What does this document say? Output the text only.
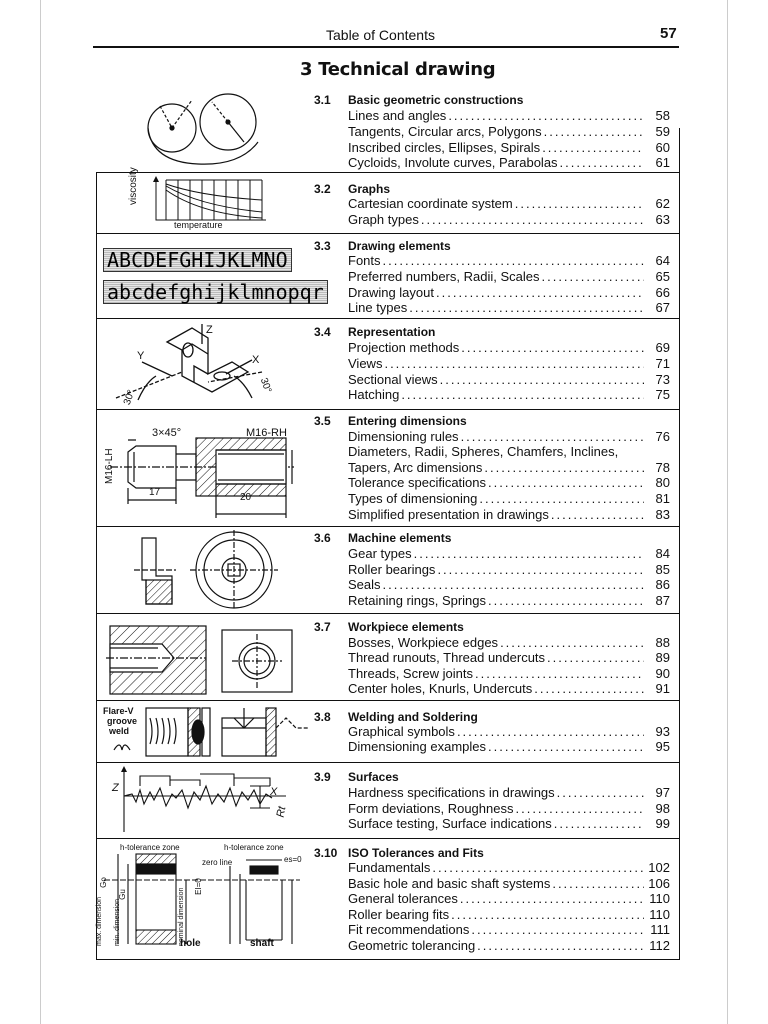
Table of Contents	57
3 Technical drawing
3.1 Basic geometric constructions
Lines and angles .....	58
Tangents, Circular arcs, Polygons .....	59
Inscribed circles, Ellipses, Spirals .....	60
Cycloids, Involute curves, Parabolas .....	61
3.2 Graphs
Cartesian coordinate system .....	62
Graph types .....	63
viscosity
temperature
3.3 Drawing elements
Fonts .....	64
Preferred numbers, Radii, Scales .....	65
Drawing layout .....	66
Line types .....	67
ABCDEFGHIJKLMNO
abcdefghijklmnopqr
3.4 Representation
Projection methods .....	69
Views .....	71
Sectional views .....	73
Hatching .....	75
Z
Y	X
30°
30°
3.5 Entering dimensions
Dimensioning rules .....	76
Diameters, Radii, Spheres, Chamfers, Inclines,
Tapers, Arc dimensions .....	78
Tolerance specifications .....	80
Types of dimensioning .....	81
Simplified presentation in drawings .....	83
3×45°	M16-RH
M16-LH
17	20
3.6 Machine elements
Gear types .....	84
Roller bearings .....	85
Seals .....	86
Retaining rings, Springs .....	87
3.7 Workpiece elements
Bosses, Workpiece edges .....	88
Thread runouts, Thread undercuts .....	89
Threads, Screw joints .....	90
Center holes, Knurls, Undercuts .....	91
3.8 Welding and Soldering
Graphical symbols .....	93
Dimensioning examples .....	95
Flare-V
groove
weld
3.9 Surfaces
Hardness specifications in drawings .....	97
Form deviations, Roughness .....	98
Surface testing, Surface indications .....	99
Z	X
Rt
3.10 ISO Tolerances and Fits
Fundamentals .....	102
Basic hole and basic shaft systems .....	106
General tolerances .....	110
Roller bearing fits .....	110
Fit recommendations .....	111
Geometric tolerancing .....	112
h-tolerance zone	h-tolerance zone
zero line	es=0
EI=0
hole	shaft
max. dimension min. dimension	nominal dimension
Go
Gu
